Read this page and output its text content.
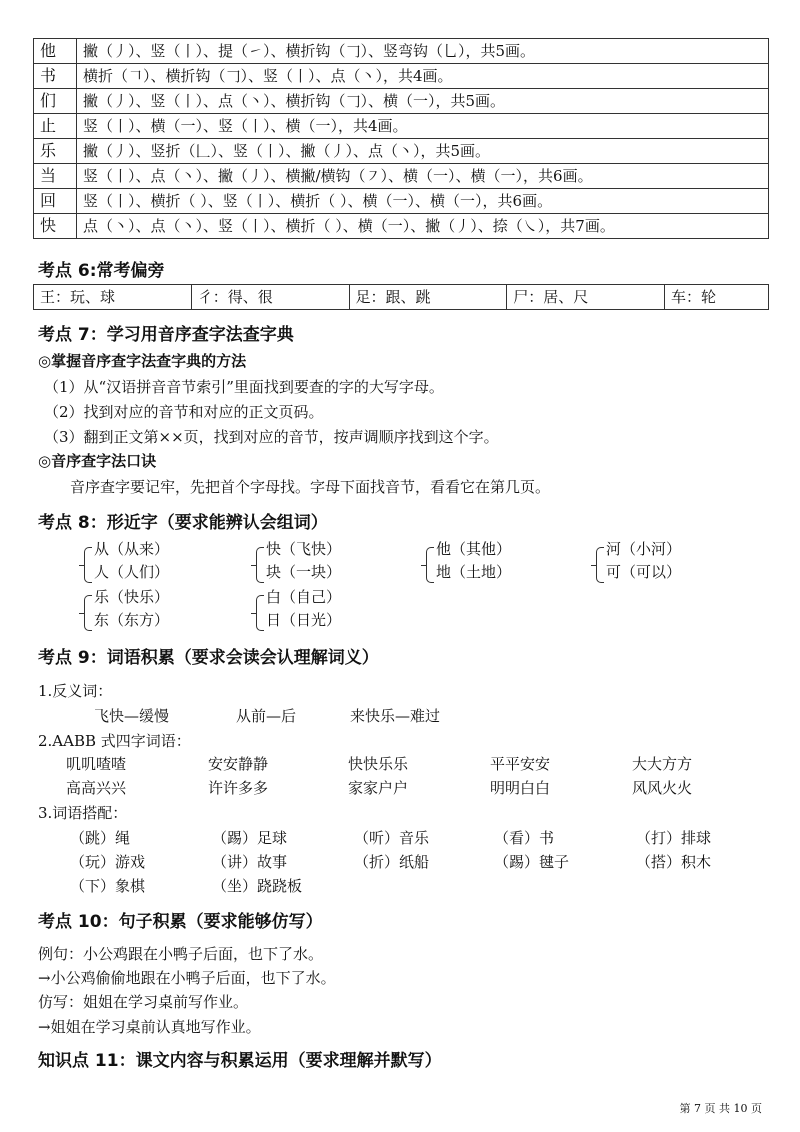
他	撇（丿）、竖（丨）、提（㇀）、横折钩（𠃌）、竖弯钩（乚），共5画。
书	横折（𠃍）、横折钩（𠃌）、竖（丨）、点（丶），共4画。
们	撇（丿）、竖（丨）、点（丶）、横折钩（𠃌）、横（一），共5画。
止	竖（丨）、横（一）、竖（丨）、横（一），共4画。
乐	撇（丿）、竖折（𠃊）、竖（丨）、撇（丿）、点（丶），共5画。
当	竖（丨）、点（丶）、撇（丿）、横撇/横钩（㇇）、横（一）、横（一），共6画。
回	竖（丨）、横折（ ）、竖（丨）、横折（ ）、横（一）、横（一），共6画。
快	点（丶）、点（丶）、竖（丨）、横折（ ）、横（一）、撇（丿）、捺（㇏），共7画。
考点 6:常考偏旁
王：玩、球	彳：得、很	足：跟、跳	尸：居、尺	车：轮
考点 7：学习用音序查字法查字典
◎掌握音序查字法查字典的方法
（1）从“汉语拼音音节索引”里面找到要查的字的大写字母。
（2）找到对应的音节和对应的正文页码。
（3）翻到正文第××页，找到对应的音节，按声调顺序找到这个字。
◎音序查字法口诀
音序查字要记牢，先把首个字母找。字母下面找音节，看看它在第几页。
考点 8：形近字（要求能辨认会组词）
从（从来）
人（人们）
快（飞快）
块（一块）
他（其他）
地（土地）
河（小河）
可（可以）
乐（快乐）
东（东方）
白（自己）
日（日光）
考点 9：词语积累（要求会读会认理解词义）
1.反义词：
飞快—缓慢	从前—后	来快乐—难过
2.AABB 式四字词语：
叽叽喳喳	安安静静	快快乐乐	平平安安	大大方方
高高兴兴	许许多多	家家户户	明明白白	风风火火
3.词语搭配：
（跳）绳	（踢）足球	（听）音乐	（看）书	（打）排球
（玩）游戏	（讲）故事	（折）纸船	（踢）毽子	（搭）积木
（下）象棋	（坐）跷跷板
考点 10：句子积累（要求能够仿写）
例句：小公鸡跟在小鸭子后面，也下了水。
→小公鸡偷偷地跟在小鸭子后面，也下了水。
仿写：姐姐在学习桌前写作业。
→姐姐在学习桌前认真地写作业。
知识点 11：课文内容与积累运用（要求理解并默写）
第 7 页 共 10 页
